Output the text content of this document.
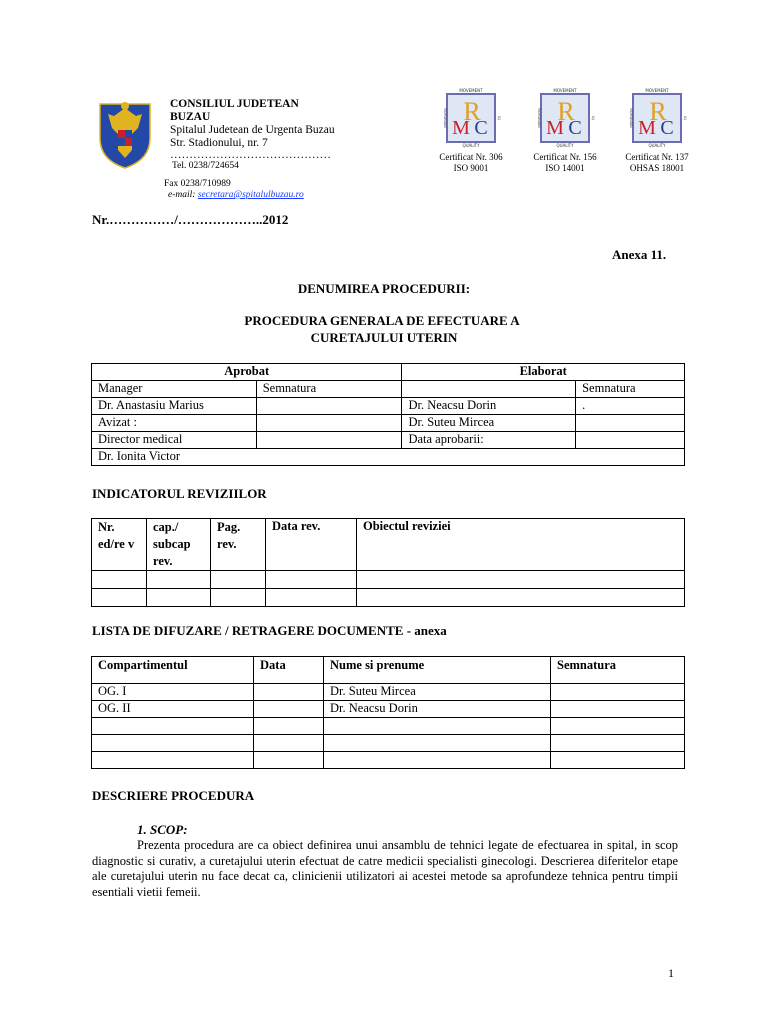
CONSILIUL JUDETEAN
BUZAU
Spitalul Judetean de Urgenta Buzau
Str. Stadionului, nr. 7
……………………………………
Tel. 0238/724654
Fax 0238/710989
e-mail: secretara@spitalulbuzau.ro
MOVEMENT
QUALITY
ROMANIAN	IQ
R
M C
Certificat Nr. 306
ISO 9001
MOVEMENT
QUALITY
ROMANIAN	IQ
R
M C
Certificat Nr. 156
ISO 14001
MOVEMENT
QUALITY
ROMANIAN	IQ
R
M C
Certificat Nr. 137
OHSAS 18001
Nr.……………/………………..2012
Anexa 11.
DENUMIREA PROCEDURII:
PROCEDURA GENERALA DE EFECTUARE A
CURETAJULUI UTERIN
Aprobat		Elaborat	
Manager	Semnatura		Semnatura
Dr. Anastasiu Marius		Dr. Neacsu Dorin	.
Avizat :		Dr. Suteu Mircea	
Director medical		Data aprobarii:	
Dr. Ionita Victor			
INDICATORUL REVIZIILOR
Nr. ed/re v	cap./ subcap rev.	Pag. rev.	Data rev.	Obiectul reviziei

LISTA DE DIFUZARE / RETRAGERE DOCUMENTE - anexa
Compartimentul	Data	Nume si prenume	Semnatura
OG. I		Dr. Suteu Mircea	
OG. II		Dr. Neacsu Dorin	

DESCRIERE PROCEDURA
1. SCOP:
Prezenta procedura are ca obiect definirea unui ansamblu de tehnici legate de efectuarea in spital, in scop diagnostic si curativ, a curetajului uterin efectuat de catre medicii specialisti ginecologi. Descrierea diferitelor etape ale curetajului uterin nu face decat ca, clinicienii utilizatori ai acestei metode sa aprofundeze tehnica pentru timpii esentiali vietii femeii.
1
